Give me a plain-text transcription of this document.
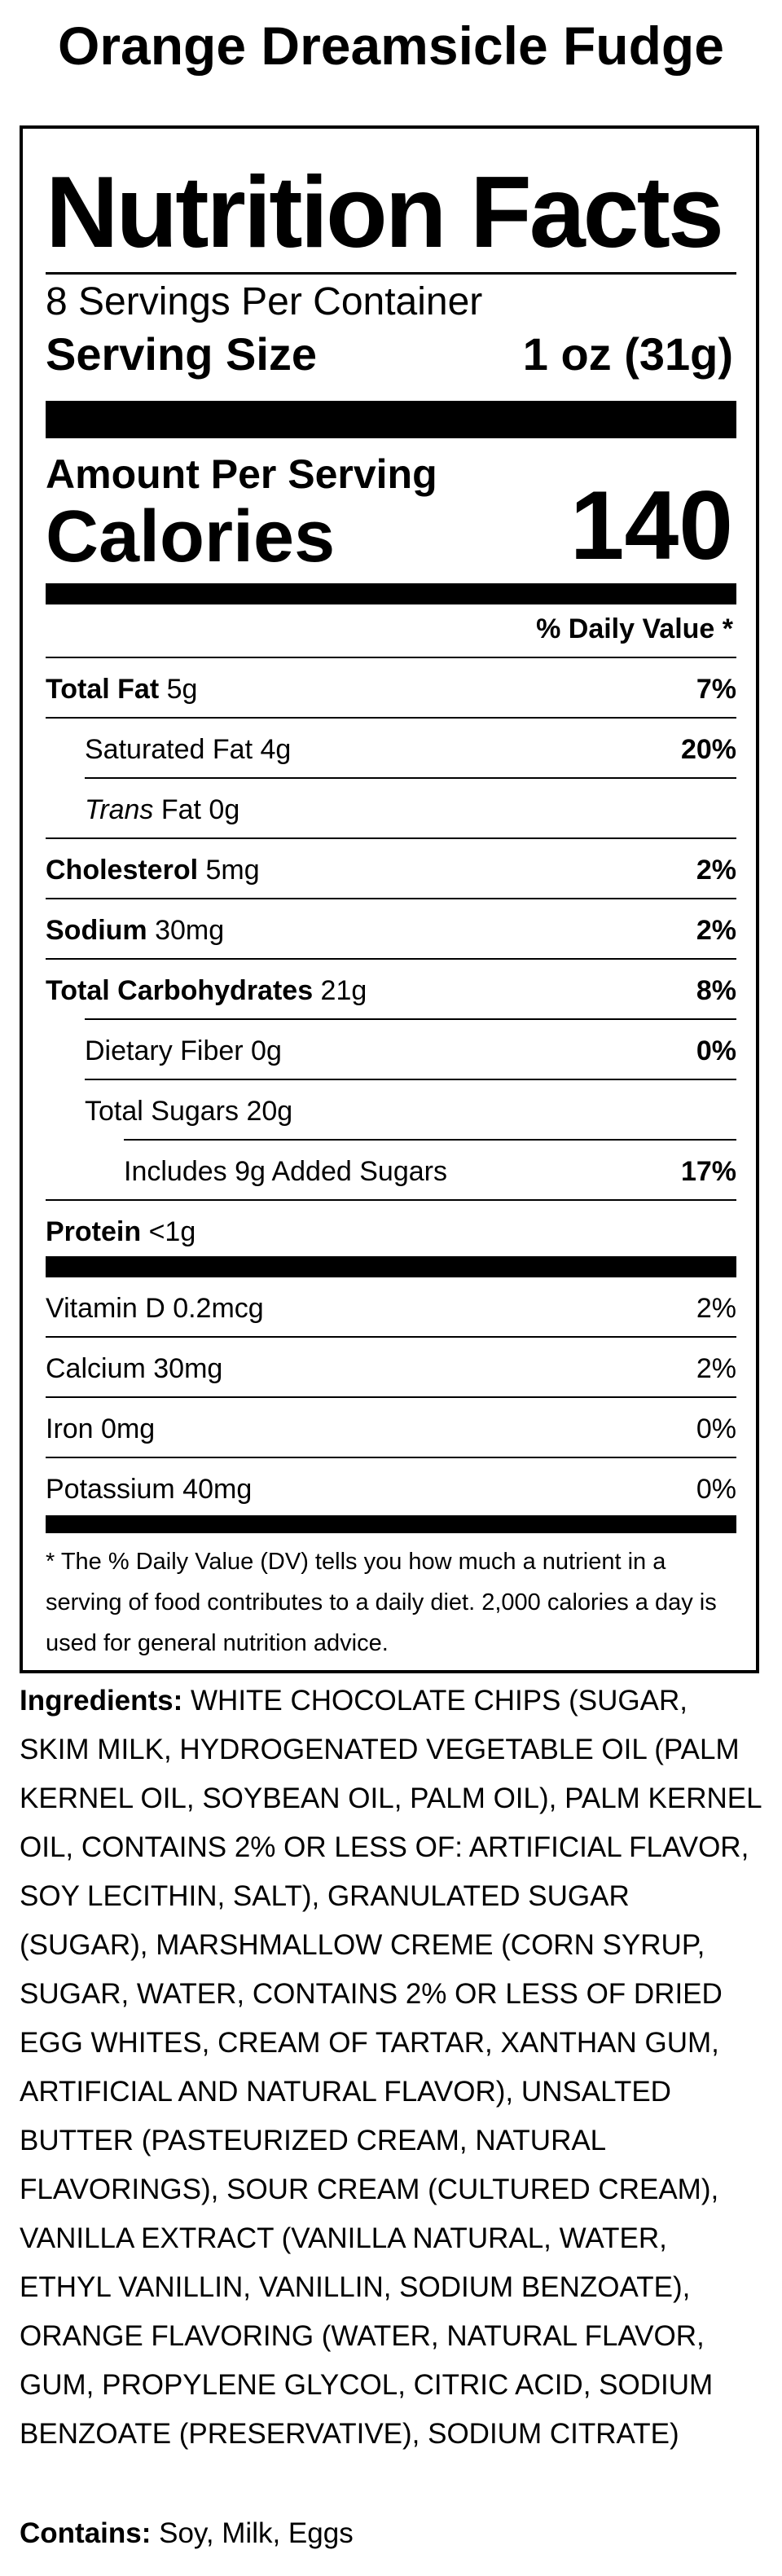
Orange Dreamsicle Fudge
Nutrition Facts
8 Servings Per Container
Serving Size	1 oz (31g)
Amount Per Serving
Calories 140
% Daily Value *
Total Fat 5g	7%
Saturated Fat 4g	20%
Trans Fat 0g
Cholesterol 5mg	2%
Sodium 30mg	2%
Total Carbohydrates 21g	8%
Dietary Fiber 0g	0%
Total Sugars 20g
Includes 9g Added Sugars	17%
Protein <1g
Vitamin D 0.2mcg	2%
Calcium 30mg	2%
Iron 0mg	0%
Potassium 40mg	0%
* The % Daily Value (DV) tells you how much a nutrient in a serving of food contributes to a daily diet. 2,000 calories a day is used for general nutrition advice.
Ingredients: WHITE CHOCOLATE CHIPS (SUGAR, SKIM MILK, HYDROGENATED VEGETABLE OIL (PALM KERNEL OIL, SOYBEAN OIL, PALM OIL), PALM KERNEL OIL, CONTAINS 2% OR LESS OF: ARTIFICIAL FLAVOR, SOY LECITHIN, SALT), GRANULATED SUGAR (SUGAR), MARSHMALLOW CREME (CORN SYRUP, SUGAR, WATER, CONTAINS 2% OR LESS OF DRIED EGG WHITES, CREAM OF TARTAR, XANTHAN GUM, ARTIFICIAL AND NATURAL FLAVOR), UNSALTED BUTTER (PASTEURIZED CREAM, NATURAL FLAVORINGS), SOUR CREAM (CULTURED CREAM), VANILLA EXTRACT (VANILLA NATURAL, WATER, ETHYL VANILLIN, VANILLIN, SODIUM BENZOATE), ORANGE FLAVORING (WATER, NATURAL FLAVOR, GUM, PROPYLENE GLYCOL, CITRIC ACID, SODIUM BENZOATE (PRESERVATIVE), SODIUM CITRATE)
Contains: Soy, Milk, Eggs
